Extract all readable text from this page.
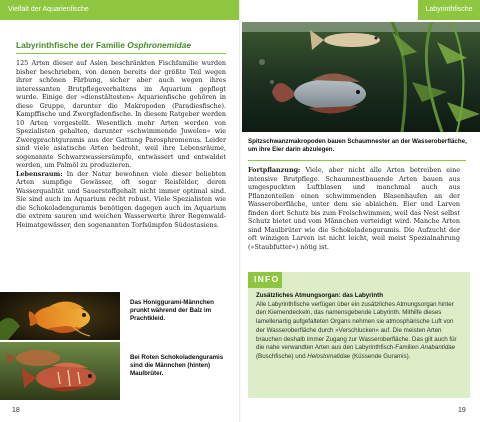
Vielfalt der Aquarienfische
Labyrinthfische der Familie Osphronemidae

125 Arten dieser auf Asien beschränkten Fischfamilie wurden bisher beschrieben, von denen bereits der größte Teil wegen ihrer schönen Färbung, sicher aber auch wegen ihres interessanten Brutpflegeverhaltens im Aquarium gepflegt wurde. Einige der »dienstältesten« Aquarienfische gehören in diese Gruppe, darunter die Makropoden (Paradiesfische). Kampffische und Zwergfadenfische. In diesem Ratgeber werden 10 Arten vorgestellt. Wesentlich mehr Arten werden von Spezialisten gehalten, darunter »schwimmende Juwelen« wie Zwergprachtguramis aus der Gattung Parosphromenus. Leider sind viele asiatische Arten bedroht, weil ihre Lebensräume, sogenannte Schwarzwassersümpfe, entwässert und entwaldet werden, um Palmöl zu produzieren.

Lebensraum: In der Natur bewohnen viele dieser beliebten Arten sumpfige Gewässer, oft sogar Reisfelder, deren Wasserqualität und Sauerstoffgehalt nicht immer optimal sind. Sie sind auch im Aquarium recht robust. Viele Spezialisten wie die Schokoladenguramis benötigen dagegen auch im Aquarium die extrem sauren und weichen Wasserwerte ihrer Regenwald-Heimatgewässer, den sogenannten Torfsümpfen Südostasiens.

Das Honiggurami-Männchen prunkt während der Balz im Prachtkleid.
Bei Roten Schokoladenguramis sind die Männchen (hinten) Maulbrüter.
18
Labyrinthfische
Spitzschwanzmakropoden bauen Schaumnester an der Wasseroberfläche, um ihre Eier darin abzulegen.

Fortpflanzung: Viele, aber nicht alle Arten betreiben eine intensive Brutpflege. Schaumnestbauende Arten bauen aus umgespuckten Luftblasen und manchmal auch aus Pflanzenteilen einen schwimmenden Blasenhaufen an der Wasseroberfläche, unter dem sie ablaichen. Eier und Larven finden dort Schutz bis zum Freischwimmen, weil das Nest selbst Schutz bietet und vom Männchen verteidigt wird. Manche Arten sind Maulbrüter wie die Schokoladenguramis. Die Aufzucht der oft winzigen Larven ist nicht leicht, weil meist Spezialnahrung (»Staubfutter«) nötig ist.

INFO

Zusätzliches Atmungsorgan: das Labyrinth

Alle Labyrinthfische verfügen über ein zusätzliches Atmungsorgan hinter den Kiemendeckeln, das namensgebende Labyrinth. Mithilfe dieses lamellenartig aufgefalteten Organs nehmen sie atmosphärische Luft von der Wasseroberfläche durch »Verschlucken« auf. Die meisten Arten brauchen deshalb immer Zugang zur Wasseroberfläche. Das gilt auch für die nahe verwandten Arten aus den Labyrinthfisch-Familien Anabantidae (Buschfische) und Helostomatidae (Küssende Guramis).

19
